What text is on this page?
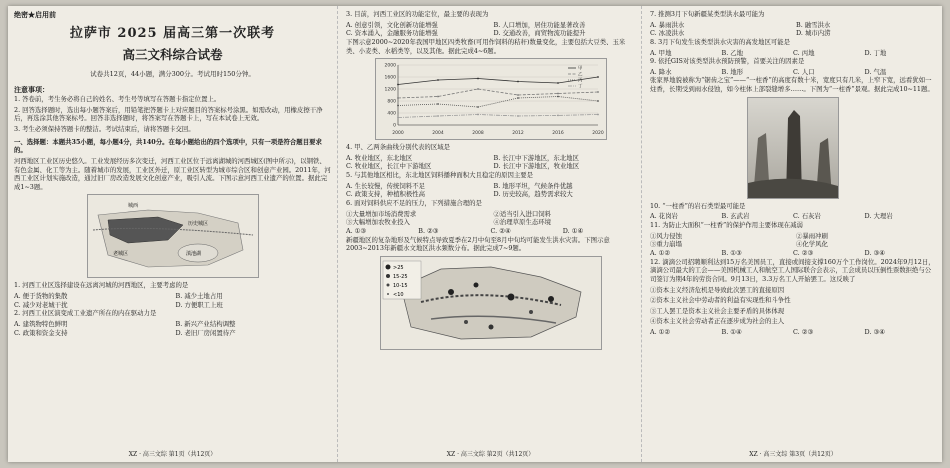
绝密★启用前
拉萨市 2025 届高三第一次联考
高三文科综合试卷
试卷共12页，44小题，满分300分。考试用时150分钟。
注意事项：

1. 答卷前，考生务必将自己的姓名、考生号等填写在答题卡指定位置上。

2. 回答选择题时，选出每小题答案后，用铅笔把答题卡上对应题目的答案标号涂黑。如需改动，用橡皮擦干净后，再选涂其他答案标号。回答非选择题时，将答案写在答题卡上，写在本试卷上无效。

3. 考生必须保持答题卡的整洁。考试结束后，请将答题卡交回。

一、选择题：本题共35小题，每小题4分，共140分。在每小题给出的四个选项中，只有一项是符合题目要求的。

河西地区工业区历史悠久。工业发展经历多次变迁，河西工业区位于远离湖城的河西城区(图中所示)，以钢铁、有色金属、化工等为主。随着城市的发展，工业区外迁，原工业区转型为城市综合区和创意产业园。2011年，河西工业区计划实施改造，通过旧厂房改造发展文化创意产业，吸引人流。下图示意河西工业遗产的位置。据此完成1~3题。

城西
历史城区
老城区	滇池湖

1. 河西工业区选择建设在远离河城的河西地区，主要考虑的是

A. 便于货物的集散	B. 减少土地占用
C. 减少对老城干扰	D. 方便职工上班

2. 河西工业区演变成工业遗产所在的内在驱动力是

A. 建筑物特色鲜明	B. 新兴产业结构调整
C. 政策和资金支持	D. 老旧厂房闲置待产
XZ · 高三文综 第1页（共12页）

3. 目前，河西工业区的功能定位，最主要的表现为

A. 创意引领，文化创新功能增强	B. 人口增加，居住功能显著改善
C. 资本涌入，金融服务功能增强	D. 交通改善，商贸物流功能提升

下图示意2000~2020年我国甲地区四类牧畜(可用作饲料的秸秆)数量变化，主要包括大豆类、玉米类、小麦类、水稻类等，以及其他。据此完成4~6题。

0
400
800
1200
1600
2000
2000	2004	2008	2012	2016	2020
甲
乙
丙
丁

4. 甲、乙两条曲线分别代表的区域是

A. 牧业地区，东北地区	B. 长江中下游地区，东北地区
C. 牧业地区，长江中下游地区	D. 长江中下游地区，牧业地区

5. 与其他地区相比，东北地区饲料播种面积大且稳定的原因主要是

A. 生长较慢，传统饲料不足	B. 地形平坦，气候条件优越
C. 政策支持，种植积极性高	D. 历史较高，趋势需求较大

6. 面对饲料供应不足的压力，下列措施合理的是

①大量增加市场消费需求	②适当引入进口饲料
③大幅增加农牧业投入	④治理草原生态环境
A. ①③	B. ②③	C. ②④	D. ①④

新疆地区的复杂地形及气候特点导致夏季在2月中旬至8月中旬均可能发生洪水灾害。下图示意2003~2013年新疆水文地区洪水频数分布。据此完成7~9题。

>25
15-25
10-15
<10
XZ · 高三文综 第2页（共12页）

7. 推测3月下旬新疆某类型洪水最可能为

A. 暴雨洪水	B. 融雪洪水
C. 冰凌洪水	D. 城市内涝

8. 3月下旬发生该类型洪水灾害的高发地区可能是

A. 甲地	B. 乙地	C. 丙地	D. 丁地

9. 依托GIS对该类型洪水预防预警，首要关注的因素是

A. 降水	B. 地形	C. 人口	D. 气温

张家界地貌被称为“锯齿之宝”——“一柱香”的高度有数十米，宽度只有几米，上窄下宽，远看犹如一炷香，长期受到雨水侵蚀，如今柱体上部裂缝增多……。下图为“一柱香”景观。据此完成10~11题。

10. “一柱香”的岩石类型最可能是

A. 花岗岩	B. 玄武岩	C. 石灰岩	D. 大理岩

11. 为防止大面积“一柱香”的保护作用主要体现在减弱

①风力侵蚀	②暴雨冲刷
③重力崩塌	④化学风化
A. ①②	B. ①③	C. ②③	D. ③④

12. 滴滴公司招聘顺利达到15万名美国员工，直接或间接支撑160万个工作岗位。2024年9月12日，滴滴公司最大的工会——美国机械工人和航空工人国际联合会表示，工会成员以压倒性票数拒绝与公司签订为期4年的劳资合同。9月13日，3.3万名工人开始罢工。这反映了

①资本主义经济危机是导致此次罢工的直接原因

②资本主义社会中劳动者的利益有实现性和斗争性

③工人罢工是资本主义社会主要矛盾的具体体现

④资本主义社会劳动者正在逐步成为社会的主人

A. ①②	B. ①④	C. ②③	D. ③④
XZ · 高三文综 第3页（共12页）
